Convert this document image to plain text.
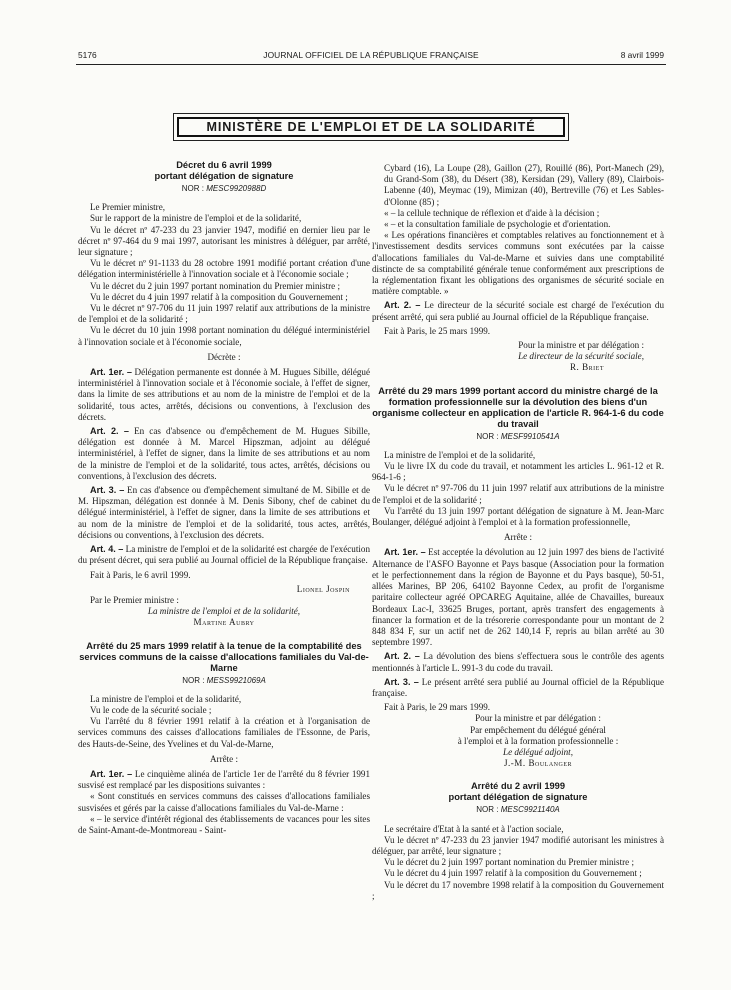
5176	JOURNAL OFFICIEL DE LA RÉPUBLIQUE FRANÇAISE	8 avril 1999
MINISTÈRE DE L'EMPLOI ET DE LA SOLIDARITÉ
Décret du 6 avril 1999
portant délégation de signature
NOR : MESC9920988D

Le Premier ministre,

Sur le rapport de la ministre de l'emploi et de la solidarité,

Vu le décret nº 47-233 du 23 janvier 1947, modifié en dernier lieu par le décret nº 97-464 du 9 mai 1997, autorisant les ministres à déléguer, par arrêté, leur signature ;

Vu le décret nº 91-1133 du 28 octobre 1991 modifié portant création d'une délégation interministérielle à l'innovation sociale et à l'économie sociale ;

Vu le décret du 2 juin 1997 portant nomination du Premier ministre ;

Vu le décret du 4 juin 1997 relatif à la composition du Gouvernement ;

Vu le décret nº 97-706 du 11 juin 1997 relatif aux attributions de la ministre de l'emploi et de la solidarité ;

Vu le décret du 10 juin 1998 portant nomination du délégué interministériel à l'innovation sociale et à l'économie sociale,

Décrète :

Art. 1er. – Délégation permanente est donnée à M. Hugues Sibille, délégué interministériel à l'innovation sociale et à l'économie sociale, à l'effet de signer, dans la limite de ses attributions et au nom de la ministre de l'emploi et de la solidarité, tous actes, arrêtés, décisions ou conventions, à l'exclusion des décrets.

Art. 2. – En cas d'absence ou d'empêchement de M. Hugues Sibille, délégation est donnée à M. Marcel Hipszman, adjoint au délégué interministériel, à l'effet de signer, dans la limite de ses attributions et au nom de la ministre de l'emploi et de la solidarité, tous actes, arrêtés, décisions ou conventions, à l'exclusion des décrets.

Art. 3. – En cas d'absence ou d'empêchement simultané de M. Sibille et de M. Hipszman, délégation est donnée à M. Denis Sibony, chef de cabinet du délégué interministériel, à l'effet de signer, dans la limite de ses attributions et au nom de la ministre de l'emploi et de la solidarité, tous actes, arrêtés, décisions ou conventions, à l'exclusion des décrets.

Art. 4. – La ministre de l'emploi et de la solidarité est chargée de l'exécution du présent décret, qui sera publié au Journal officiel de la République française.

Fait à Paris, le 6 avril 1999.

Lionel Jospin

Par le Premier ministre :

La ministre de l'emploi et de la solidarité,
Martine Aubry
Arrêté du 25 mars 1999 relatif à la tenue de la comptabilité des services communs de la caisse d'allocations familiales du Val-de-Marne
NOR : MESS9921069A

La ministre de l'emploi et de la solidarité,

Vu le code de la sécurité sociale ;

Vu l'arrêté du 8 février 1991 relatif à la création et à l'organisation de services communs des caisses d'allocations familiales de l'Essonne, de Paris, des Hauts-de-Seine, des Yvelines et du Val-de-Marne,

Arrête :

Art. 1er. – Le cinquième alinéa de l'article 1er de l'arrêté du 8 février 1991 susvisé est remplacé par les dispositions suivantes :

« Sont constitués en services communs des caisses d'allocations familiales susvisées et gérés par la caisse d'allocations familiales du Val-de-Marne :

« – le service d'intérêt régional des établissements de vacances pour les sites de Saint-Amant-de-Montmoreau - Saint-

Cybard (16), La Loupe (28), Gaillon (27), Rouillé (86), Port-Manech (29), du Grand-Som (38), du Désert (38), Kersidan (29), Vallery (89), Clairbois-Labenne (40), Meymac (19), Mimizan (40), Bertreville (76) et Les Sables-d'Olonne (85) ;

« – la cellule technique de réflexion et d'aide à la décision ;

« – et la consultation familiale de psychologie et d'orientation.

« Les opérations financières et comptables relatives au fonctionnement et à l'investissement desdits services communs sont exécutées par la caisse d'allocations familiales du Val-de-Marne et suivies dans une comptabilité distincte de sa comptabilité générale tenue conformément aux prescriptions de la réglementation fixant les obligations des organismes de sécurité sociale en matière comptable. »

Art. 2. – Le directeur de la sécurité sociale est chargé de l'exécution du présent arrêté, qui sera publié au Journal officiel de la République française.

Fait à Paris, le 25 mars 1999.

Pour la ministre et par délégation :
Le directeur de la sécurité sociale,
R. Briet
Arrêté du 29 mars 1999 portant accord du ministre chargé de la formation professionnelle sur la dévolution des biens d'un organisme collecteur en application de l'article R. 964-1-6 du code du travail
NOR : MESF9910541A

La ministre de l'emploi et de la solidarité,

Vu le livre IX du code du travail, et notamment les articles L. 961-12 et R. 964-1-6 ;

Vu le décret nº 97-706 du 11 juin 1997 relatif aux attributions de la ministre de l'emploi et de la solidarité ;

Vu l'arrêté du 13 juin 1997 portant délégation de signature à M. Jean-Marc Boulanger, délégué adjoint à l'emploi et à la formation professionnelle,

Arrête :

Art. 1er. – Est acceptée la dévolution au 12 juin 1997 des biens de l'activité Alternance de l'ASFO Bayonne et Pays basque (Association pour la formation et le perfectionnement dans la région de Bayonne et du Pays basque), 50-51, allées Marines, BP 206, 64102 Bayonne Cedex, au profit de l'organisme paritaire collecteur agréé OPCAREG Aquitaine, allée de Chavailles, bureaux Bordeaux Lac-I, 33625 Bruges, portant, après transfert des engagements à financer la formation et de la trésorerie correspondante pour un montant de 2 848 834 F, sur un actif net de 262 140,14 F, repris au bilan arrêté au 30 septembre 1997.

Art. 2. – La dévolution des biens s'effectuera sous le contrôle des agents mentionnés à l'article L. 991-3 du code du travail.

Art. 3. – Le présent arrêté sera publié au Journal officiel de la République française.

Fait à Paris, le 29 mars 1999.

Pour la ministre et par délégation :
Par empêchement du délégué général
à l'emploi et à la formation professionnelle :
Le délégué adjoint,
J.-M. Boulanger
Arrêté du 2 avril 1999
portant délégation de signature
NOR : MESC9921140A

Le secrétaire d'Etat à la santé et à l'action sociale,

Vu le décret nº 47-233 du 23 janvier 1947 modifié autorisant les ministres à déléguer, par arrêté, leur signature ;

Vu le décret du 2 juin 1997 portant nomination du Premier ministre ;

Vu le décret du 4 juin 1997 relatif à la composition du Gouvernement ;

Vu le décret du 17 novembre 1998 relatif à la composition du Gouvernement ;
